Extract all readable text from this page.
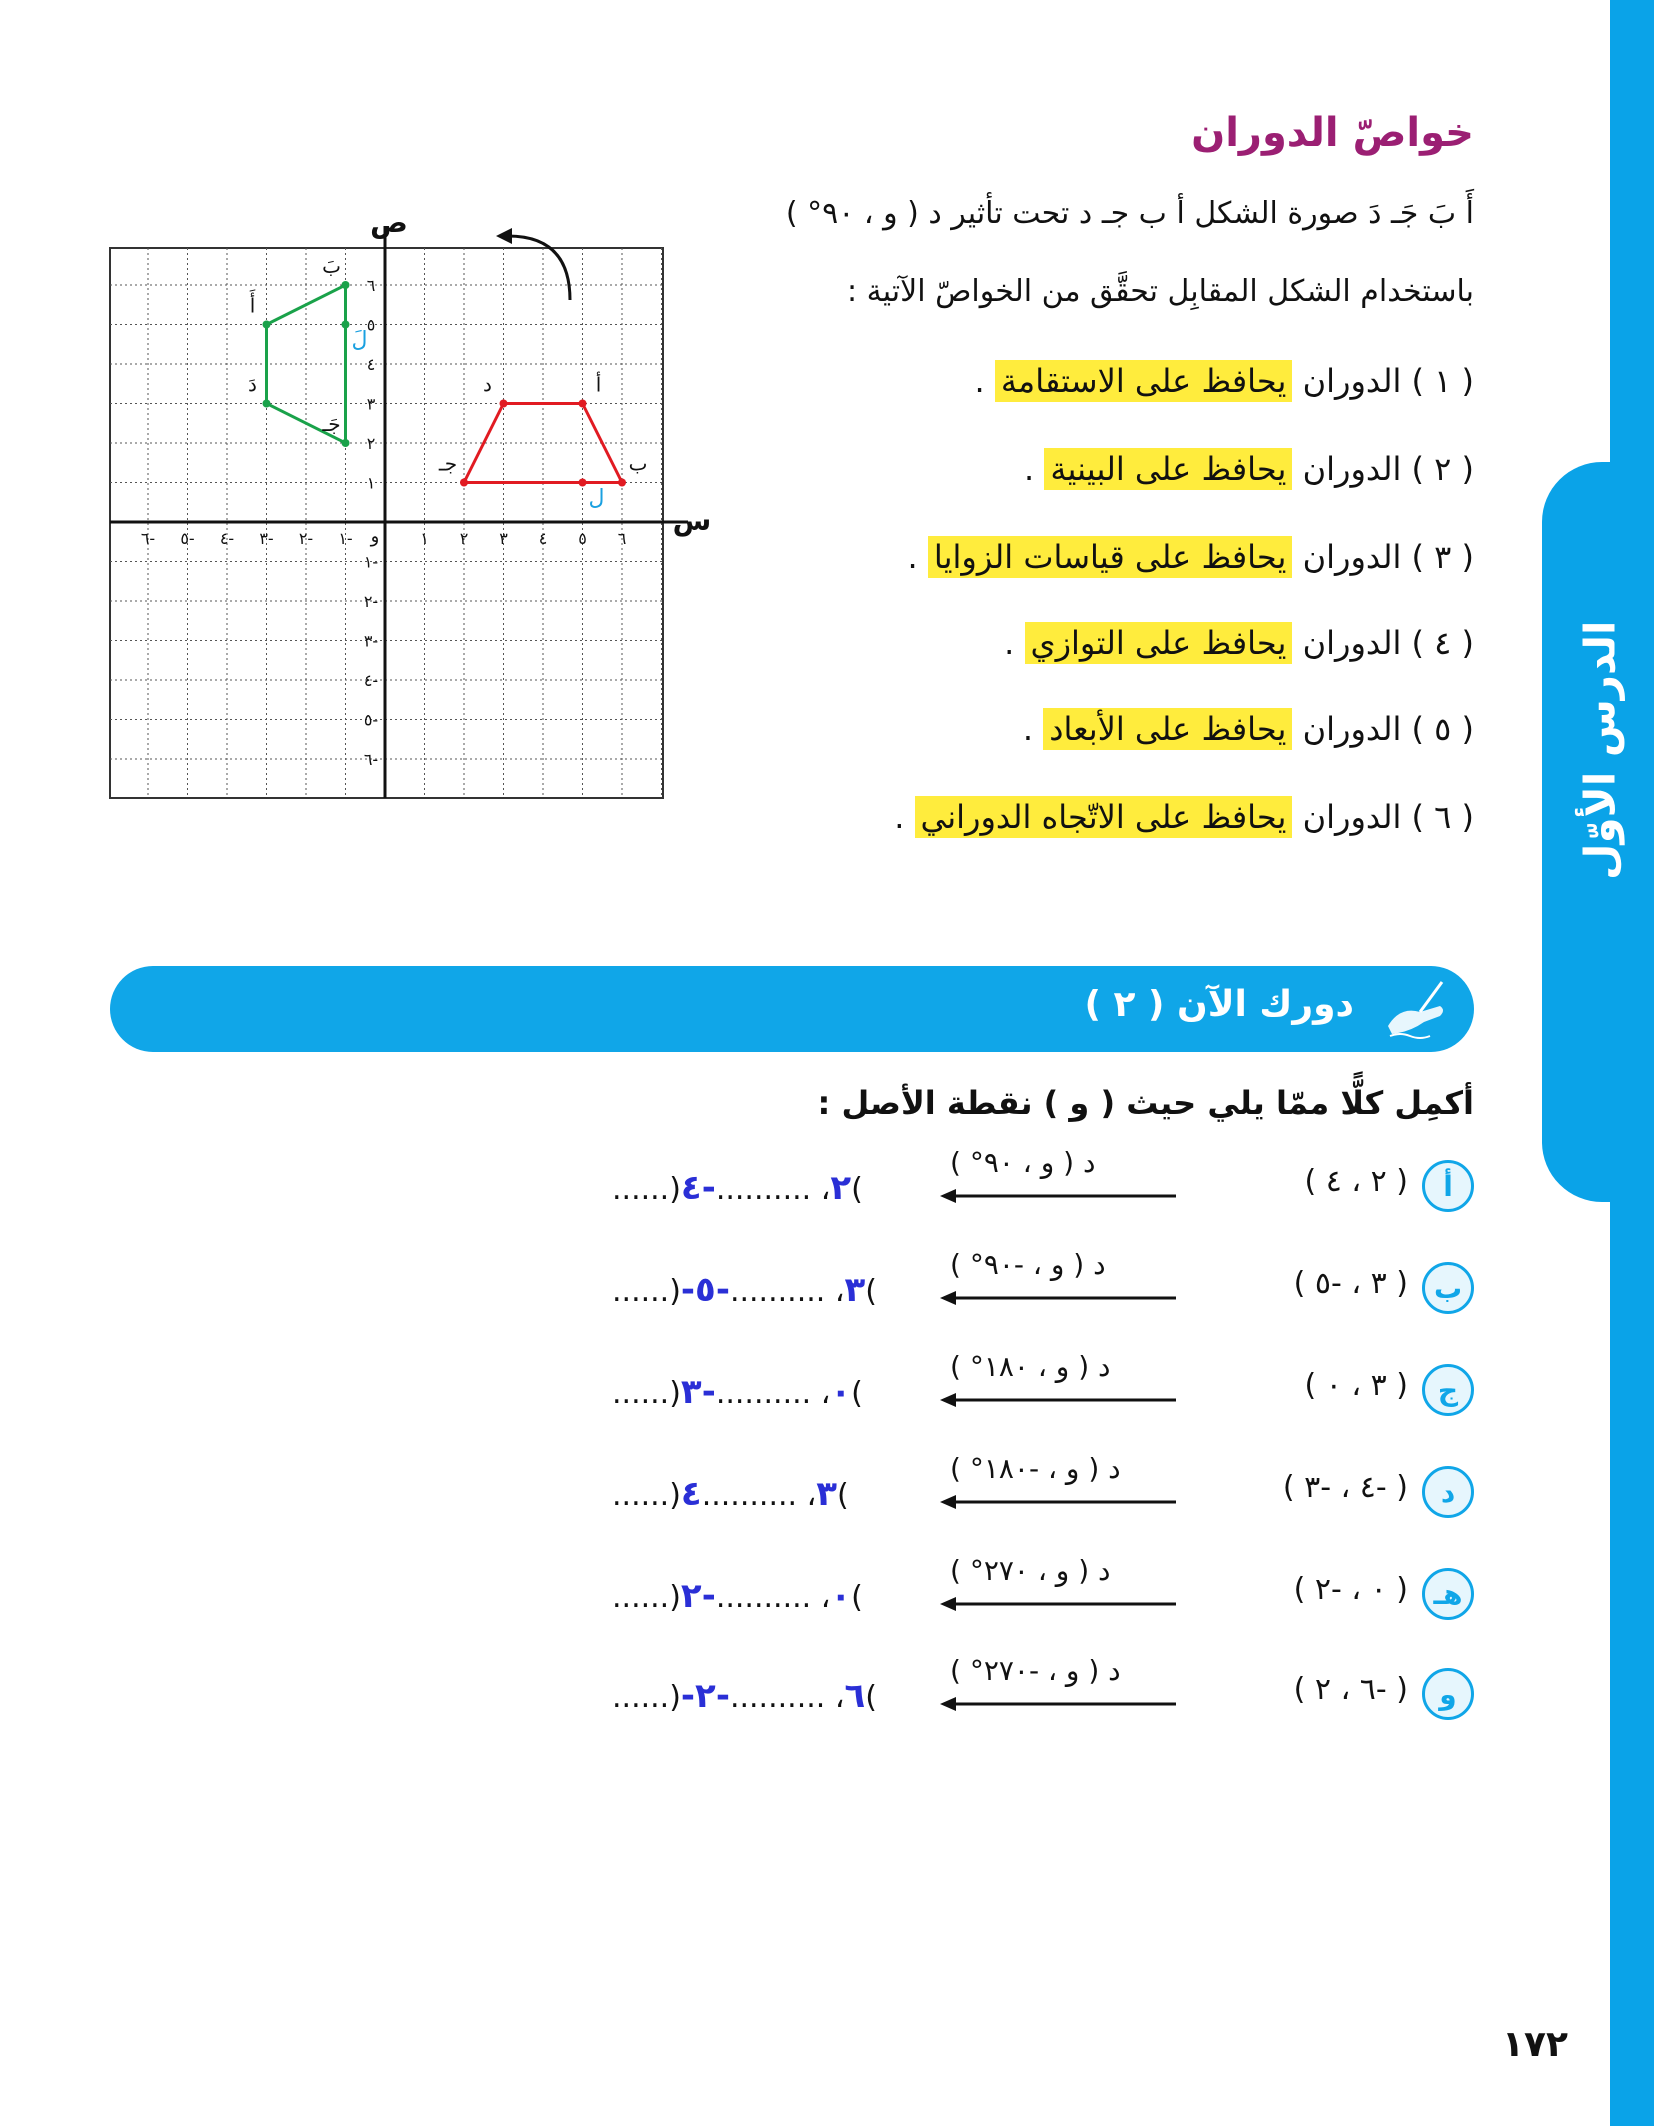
الدرس الأوّل
خواصّ الدوران
أَ بَ جَـ دَ صورة الشكل أ ب جـ د تحت تأثير د ( و ، ٩٠° )
باستخدام الشكل المقابِل تحقَّق من الخواصّ الآتية :
( ١ ) الدوران يحافظ على الاستقامة .
( ٢ ) الدوران يحافظ على البينية .
( ٣ ) الدوران يحافظ على قياسات الزوايا .
( ٤ ) الدوران يحافظ على التوازي .
( ٥ ) الدوران يحافظ على الأبعاد .
( ٦ ) الدوران يحافظ على الاتّجاه الدوراني .
س
ص
و	١
١
٢
٢
٣
٣
٤
٤
٥
٥
٦
٦
-١
-١
-٢
-٢
-٣
-٣
-٤
-٤
-٥
-٥
-٦
-٦
أ
ب
جـ
د
ل
أَ
بَ
جَـ
دَ
لَ
دورك الآن ( ٢ )
أكمِل كلًّا ممّا يلي حيث ( و ) نقطة الأصل :
أ
( ٢ ، ٤ )
د ( و ، ٩٠° )
......)	٢، ..........-٤	(
ب
( ٣ ، -٥ )
د ( و ، -٩٠° )
......)-٣، ..........-٥	(
ج
( ٣ ، ٠ )
د ( و ، ١٨٠° )
......)	٠، ..........-٣	(
د
( -٤ ، -٣ )
د ( و ، -١٨٠° )
......)	٣، ..........٤	(
هـ
( ٠ ، -٢ )
د ( و ، ٢٧٠° )
......)	٠، ..........-٢	(
و
( -٦ ، ٢ )
د ( و ، -٢٧٠° )
......)-٦، ..........-٢	(
١٧٢
